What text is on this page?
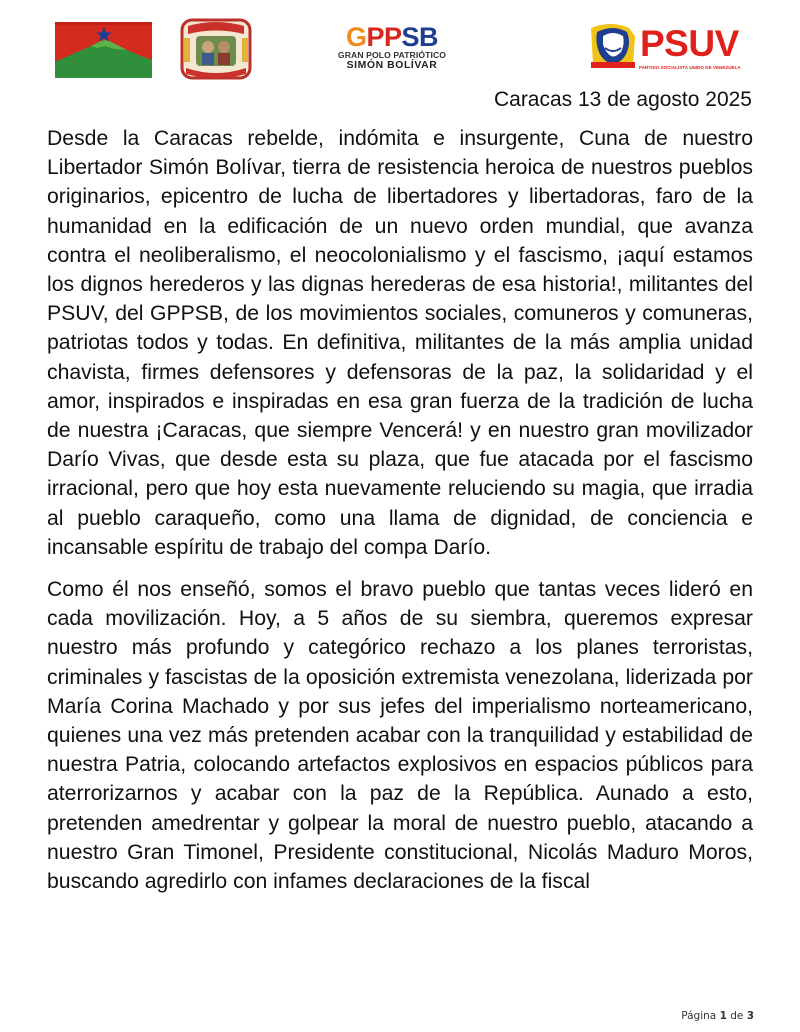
GPPSB
GRAN POLO PATRIÓTICO
SIMÓN BOLÍVAR
PSUV
PARTIDO SOCIALISTA UNIDO DE VENEZUELA
Caracas 13 de agosto 2025

Desde la Caracas rebelde, indómita e insurgente, Cuna de nuestro Libertador Simón Bolívar, tierra de resistencia heroica de nuestros pueblos originarios, epicentro de lucha de libertadores y libertadoras, faro de la humanidad en la edificación de un nuevo orden mundial, que avanza contra el neoliberalismo, el neocolonialismo y el fascismo, ¡aquí estamos los dignos herederos y las dignas herederas de esa historia!, militantes del PSUV, del GPPSB, de los movimientos sociales, comuneros y comuneras, patriotas todos y todas. En definitiva, militantes de la más amplia unidad chavista, firmes defensores y defensoras de la paz, la solidaridad y el amor, inspirados e inspiradas en esa gran fuerza de la tradición de lucha de nuestra ¡Caracas, que siempre Vencerá! y en nuestro gran movilizador Darío Vivas, que desde esta su plaza, que fue atacada por el fascismo irracional, pero que hoy esta nuevamente reluciendo su magia, que irradia al pueblo caraqueño, como una llama de dignidad, de conciencia e incansable espíritu de trabajo del compa Darío.

Como él nos enseñó, somos el bravo pueblo que tantas veces lideró en cada movilización. Hoy, a 5 años de su siembra, queremos expresar nuestro más profundo y categórico rechazo a los planes terroristas, criminales y fascistas de la oposición extremista venezolana, liderizada por María Corina Machado y por sus jefes del imperialismo norteamericano, quienes una vez más pretenden acabar con la tranquilidad y estabilidad de nuestra Patria, colocando artefactos explosivos en espacios públicos para aterrorizarnos y acabar con la paz de la República. Aunado a esto, pretenden amedrentar y golpear la moral de nuestro pueblo, atacando a nuestro Gran Timonel, Presidente constitucional, Nicolás Maduro Moros, buscando agredirlo con infames declaraciones de la fiscal

Página 1 de 3
